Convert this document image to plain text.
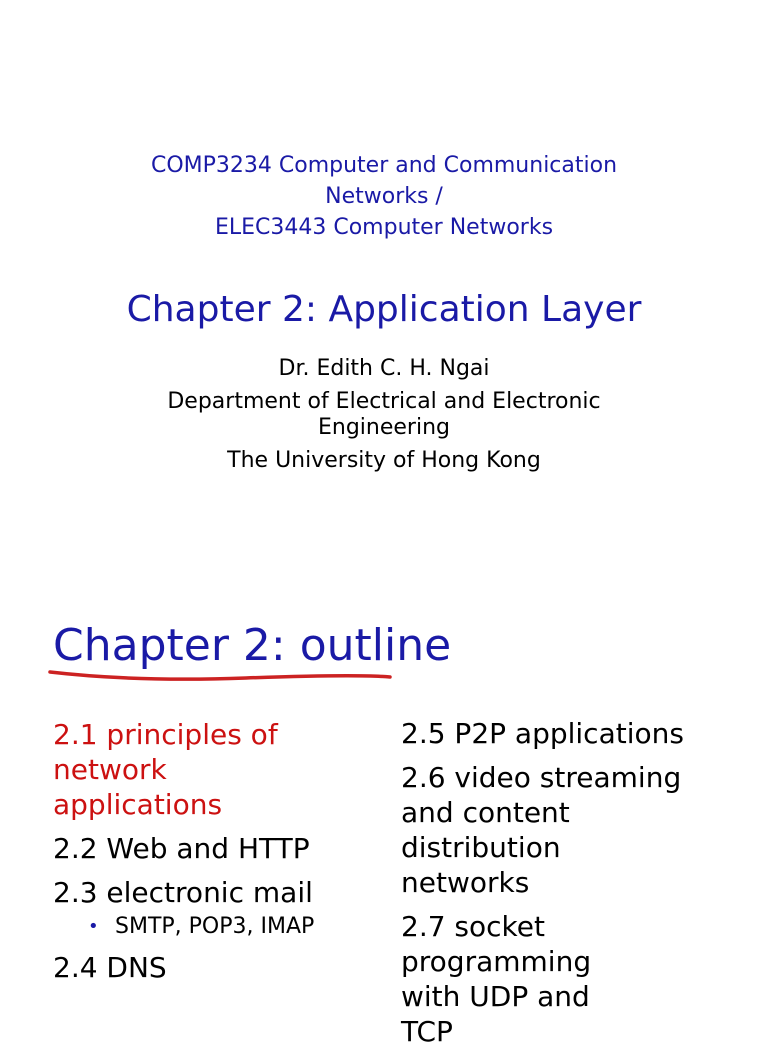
COMP3234 Computer and Communication
Networks /
ELEC3443 Computer Networks
Chapter 2: Application Layer
Dr. Edith C. H. Ngai
Department of Electrical and Electronic
Engineering
The University of Hong Kong
Chapter 2: outline
2.1 principles of
network
applications
2.2 Web and HTTP
2.3 electronic mail
• SMTP, POP3, IMAP
2.4 DNS
2.5 P2P applications
2.6 video streaming
and content
distribution
networks
2.7 socket
programming
with UDP and
TCP
